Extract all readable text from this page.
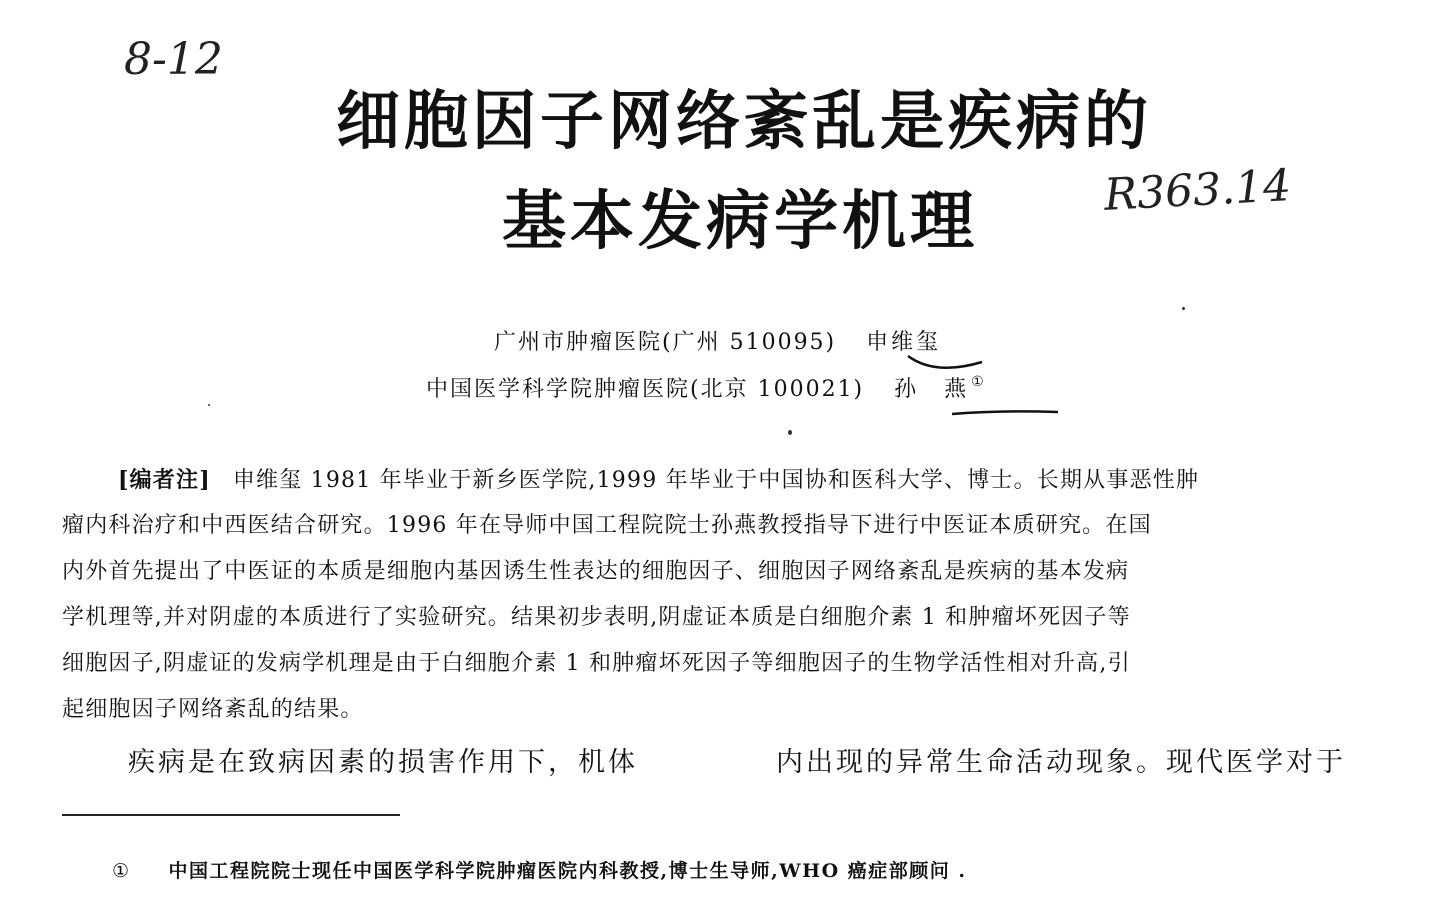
8-12
R363.14
细胞因子网络紊乱是疾病的
基本发病学机理
广州市肿瘤医院(广州 510095) 申维玺
中国医学科学院肿瘤医院(北京 100021) 孙　燕 ①
[编者注] 申维玺 1981 年毕业于新乡医学院,1999 年毕业于中国协和医科大学、博士。长期从事恶性肿
瘤内科治疗和中西医结合研究。1996 年在导师中国工程院院士孙燕教授指导下进行中医证本质研究。在国
内外首先提出了中医证的本质是细胞内基因诱生性表达的细胞因子、细胞因子网络紊乱是疾病的基本发病
学机理等,并对阴虚的本质进行了实验研究。结果初步表明,阴虚证本质是白细胞介素 1 和肿瘤坏死因子等
细胞因子,阴虚证的发病学机理是由于白细胞介素 1 和肿瘤坏死因子等细胞因子的生物学活性相对升高,引
起细胞因子网络紊乱的结果。
疾病是在致病因素的损害作用下，机体	内出现的异常生命活动现象。现代医学对于
① 中国工程院院士现任中国医学科学院肿瘤医院内科教授,博士生导师,WHO 癌症部顾问 .
